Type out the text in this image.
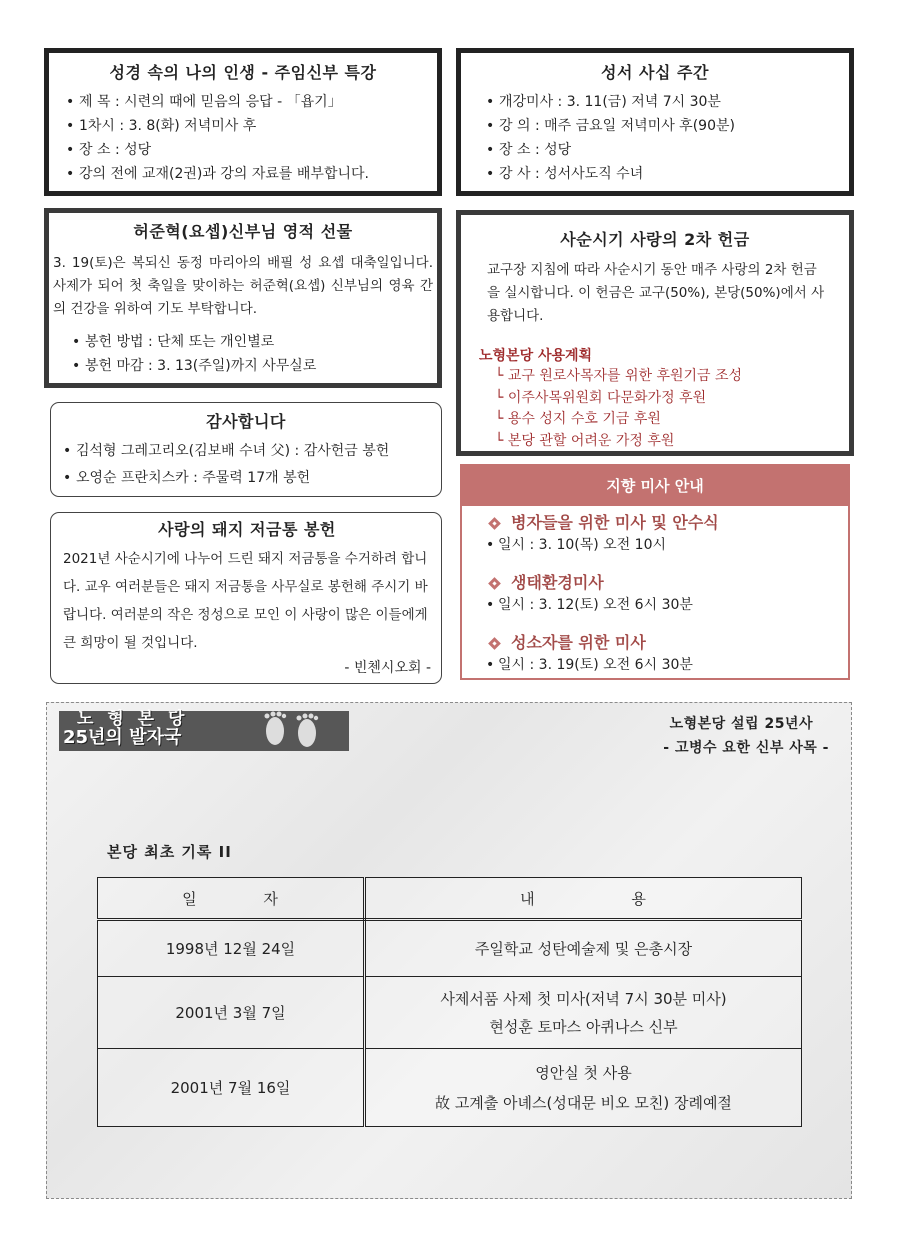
성경 속의 나의 인생 - 주임신부 특강
• 제 목 : 시련의 때에 믿음의 응답 - 「욥기」
• 1차시 : 3. 8(화) 저녁미사 후
• 장 소 : 성당
• 강의 전에 교재(2권)과 강의 자료를 배부합니다.
성서 사십 주간
• 개강미사 : 3. 11(금) 저녁 7시 30분
• 강 의 : 매주 금요일 저녁미사 후(90분)
• 장 소 : 성당
• 강 사 : 성서사도직 수녀
허준혁(요셉)신부님 영적 선물
3. 19(토)은 복되신 동정 마리아의 배필 성 요셉 대축일입니다. 사제가 되어 첫 축일을 맞이하는 허준혁(요셉) 신부님의 영육 간의 건강을 위하여 기도 부탁합니다.
• 봉헌 방법 : 단체 또는 개인별로
• 봉헌 마감 : 3. 13(주일)까지 사무실로
사순시기 사랑의 2차 헌금
교구장 지침에 따라 사순시기 동안 매주 사랑의 2차 헌금을 실시합니다. 이 헌금은 교구(50%), 본당(50%)에서 사용합니다.
노형본당 사용계획
└ 교구 원로사목자를 위한 후원기금 조성
└ 이주사목위원회 다문화가정 후원
└ 용수 성지 수호 기금 후원
└ 본당 관할 어려운 가정 후원
감사합니다
• 김석형 그레고리오(김보배 수녀 父) : 감사헌금 봉헌
• 오영순 프란치스카 : 주물력 17개 봉헌
사랑의 돼지 저금통 봉헌
2021년 사순시기에 나누어 드린 돼지 저금통을 수거하려 합니다. 교우 여러분들은 돼지 저금통을 사무실로 봉헌해 주시기 바랍니다. 여러분의 작은 정성으로 모인 이 사랑이 많은 이들에게 큰 희망이 될 것입니다.
- 빈첸시오회 -
지향 미사 안내
병자들을 위한 미사 및 안수식
• 일시 : 3. 10(목) 오전 10시
생태환경미사
• 일시 : 3. 12(토) 오전 6시 30분
성소자를 위한 미사
• 일시 : 3. 19(토) 오전 6시 30분
노 형 본 당
25년의 발자국
노형본당 설립 25년사
- 고병수 요한 신부 사목 -
본당 최초 기록 II
일 자	내 용
1998년 12월 24일	주일학교 성탄예술제 및 은총시장

2001년 3월 7일	사제서품 사제 첫 미사(저녁 7시 30분 미사)
현성훈 토마스 아퀴나스 신부

2001년 7월 16일	영안실 첫 사용
故 고계출 아녜스(성대문 비오 모친) 장례예절
